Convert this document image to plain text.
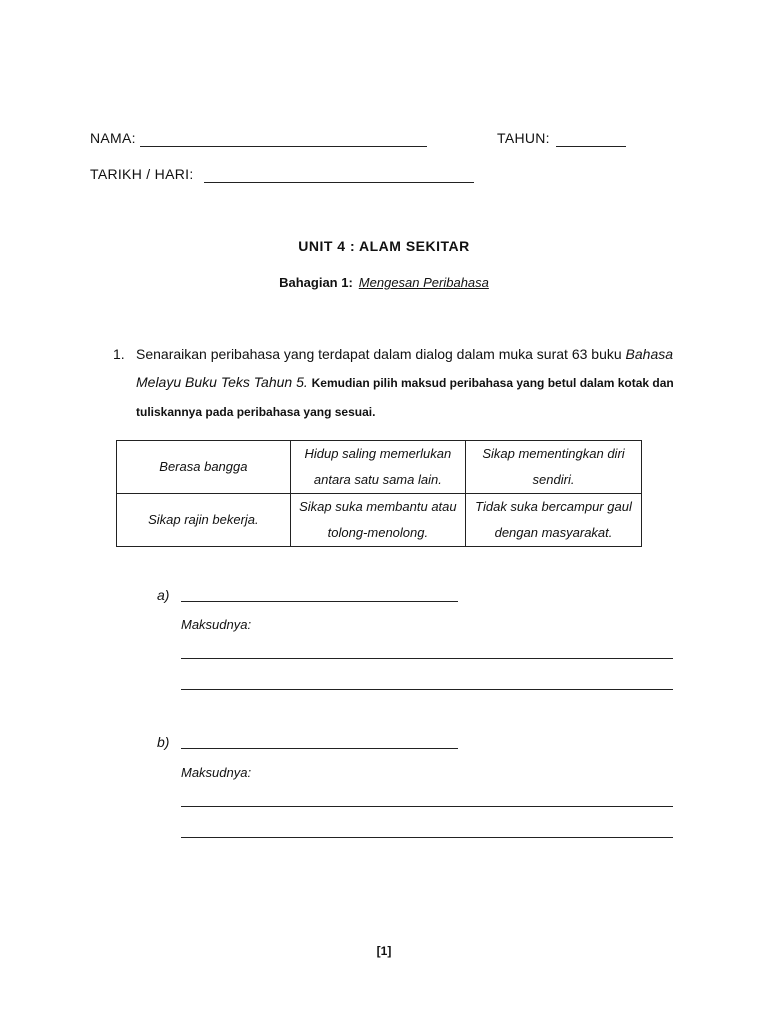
NAMA:	TAHUN:
TARIKH / HARI:
UNIT 4 : ALAM SEKITAR
Bahagian 1: Mengesan Peribahasa
1. Senaraikan peribahasa yang terdapat dalam dialog dalam muka surat 63 buku Bahasa
Melayu Buku Teks Tahun 5. Kemudian pilih maksud peribahasa yang betul dalam kotak dan
tuliskannya pada peribahasa yang sesuai.
Berasa bangga	Hidup saling memerlukan antara satu sama lain.	Sikap mementingkan diri sendiri.
Sikap rajin bekerja.	Sikap suka membantu atau tolong-menolong.	Tidak suka bercampur gaul dengan masyarakat.
a)
Maksudnya:
b)
Maksudnya:
[1]
